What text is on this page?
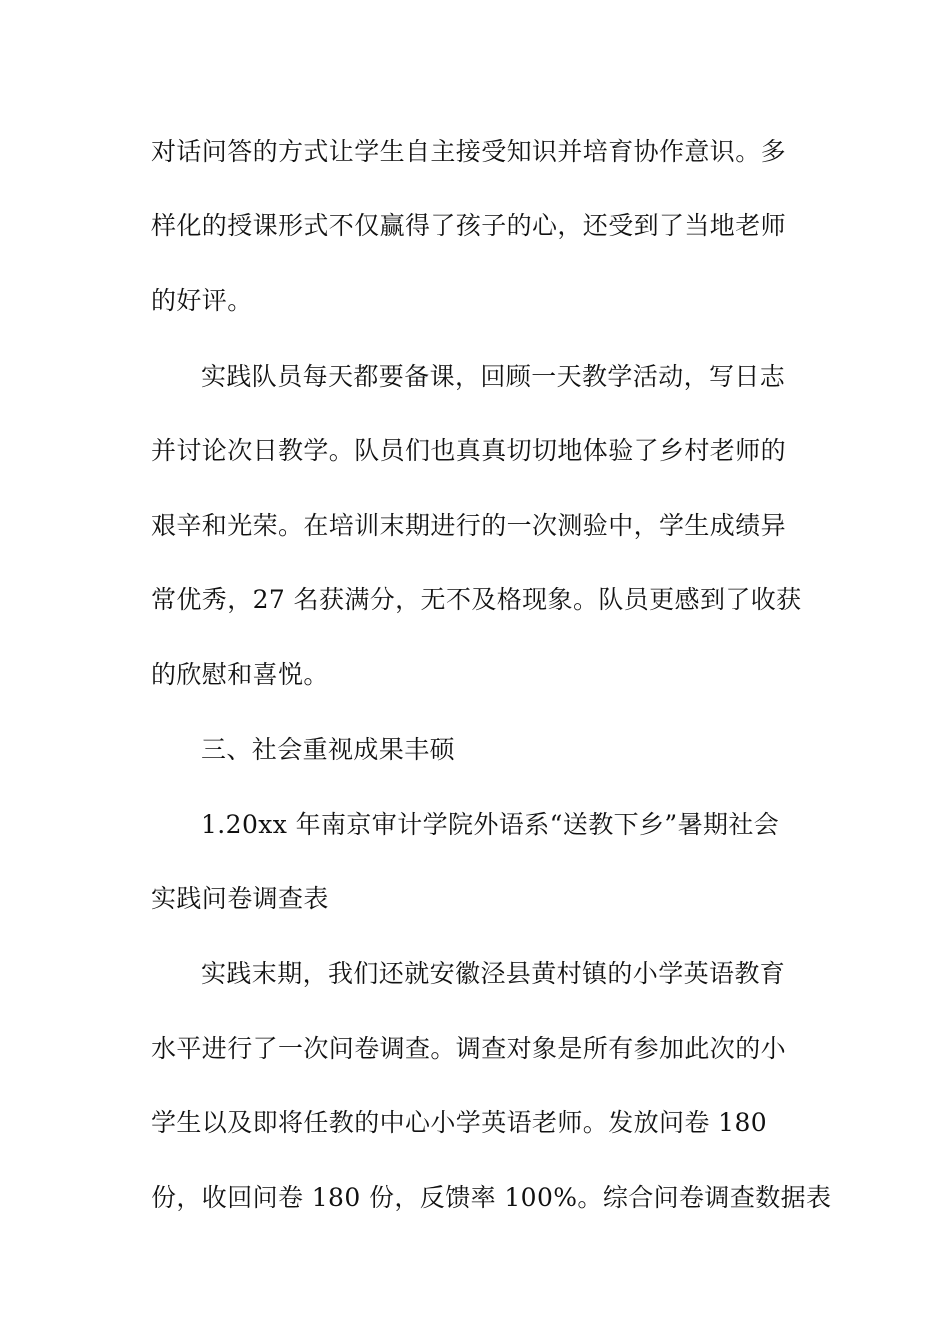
对话问答的方式让学生自主接受知识并培育协作意识。多
样化的授课形式不仅赢得了孩子的心，还受到了当地老师
的好评。
实践队员每天都要备课，回顾一天教学活动，写日志
并讨论次日教学。队员们也真真切切地体验了乡村老师的
艰辛和光荣。在培训末期进行的一次测验中，学生成绩异
常优秀，27 名获满分，无不及格现象。队员更感到了收获
的欣慰和喜悦。
三、社会重视成果丰硕
1.20xx 年南京审计学院外语系“送教下乡”暑期社会
实践问卷调查表
实践末期，我们还就安徽泾县黄村镇的小学英语教育
水平进行了一次问卷调查。调查对象是所有参加此次的小
学生以及即将任教的中心小学英语老师。发放问卷 180
份，收回问卷 180 份，反馈率 100%。综合问卷调查数据表
